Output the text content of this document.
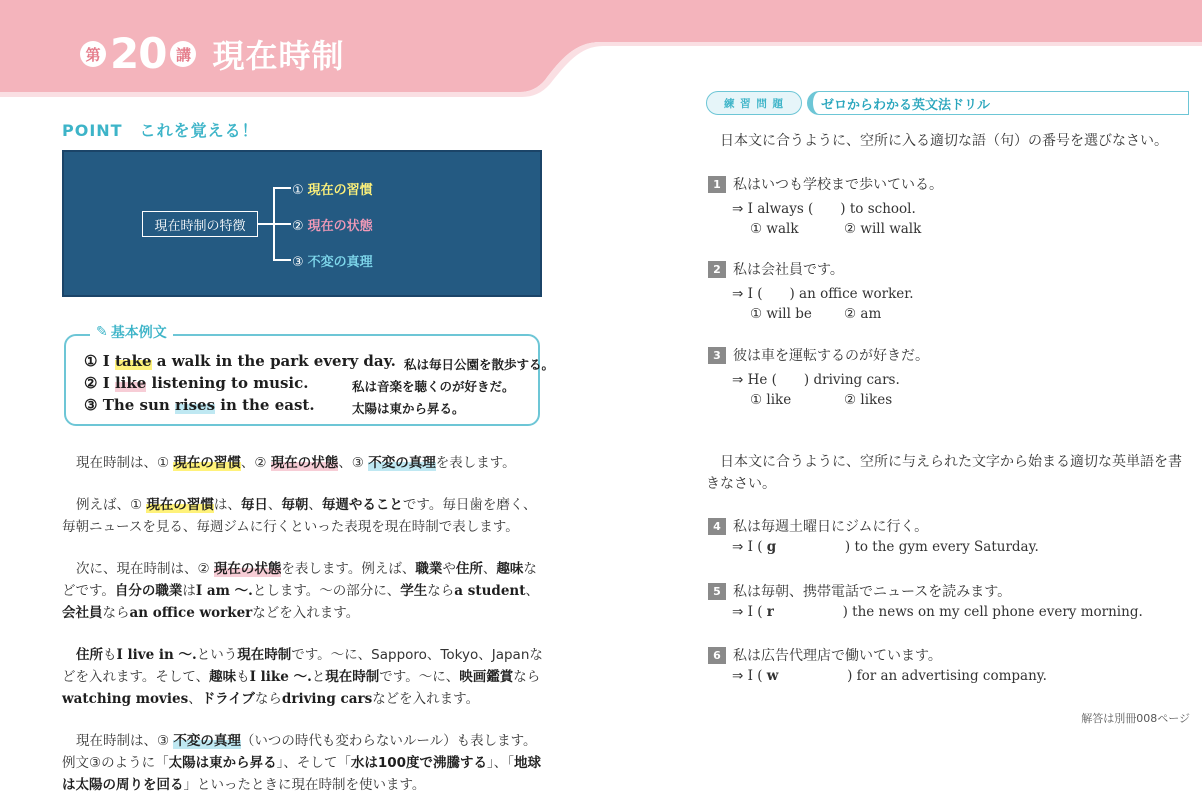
第 20 講 現在時制
POINT　これを覚える！
現在時制の特徴
① 現在の習慣
② 現在の状態
③ 不変の真理
✎ 基本例文
① I take a walk in the park every day. 私は毎日公園を散歩する。
② I like listening to music.	私は音楽を聴くのが好きだ。
③ The sun rises in the east.	太陽は東から昇る。

現在時制は、① 現在の習慣、② 現在の状態、③ 不変の真理を表します。

例えば、① 現在の習慣は、毎日、毎朝、毎週やることです。毎日歯を磨く、毎朝ニュースを見る、毎週ジムに行くといった表現を現在時制で表します。

次に、現在時制は、② 現在の状態を表します。例えば、職業や住所、趣味などです。自分の職業はI am 〜.とします。〜の部分に、学生ならa student、会社員ならan office workerなどを入れます。

住所もI live in 〜.という現在時制です。〜に、Sapporo、Tokyo、Japanなどを入れます。そして、趣味もI like 〜.と現在時制です。〜に、映画鑑賞ならwatching movies、ドライブならdriving carsなどを入れます。

現在時制は、③ 不変の真理（いつの時代も変わらないルール）も表します。例文③のように「太陽は東から昇る」、そして「水は100度で沸騰する」、「地球は太陽の周りを回る」といったときに現在時制を使います。

練 習 問 題	ゼロからわかる英文法ドリル
日本文に合うように、空所に入る適切な語（句）の番号を選びなさい。
1 私はいつも学校まで歩いている。
⇒ I always (　　) to school.
① walk	② will walk
2 私は会社員です。
⇒ I (　　) an office worker.
① will be	② am
3 彼は車を運転するのが好きだ。
⇒ He (　　) driving cars.
① like	② likes
日本文に合うように、空所に与えられた文字から始まる適切な英単語を書きなさい。
4 私は毎週土曜日にジムに行く。
⇒ I ( g                ) to the gym every Saturday.
5 私は毎朝、携帯電話でニュースを読みます。
⇒ I ( r                ) the news on my cell phone every morning.
6 私は広告代理店で働いています。
⇒ I ( w                ) for an advertising company.
解答は別冊008ページ
